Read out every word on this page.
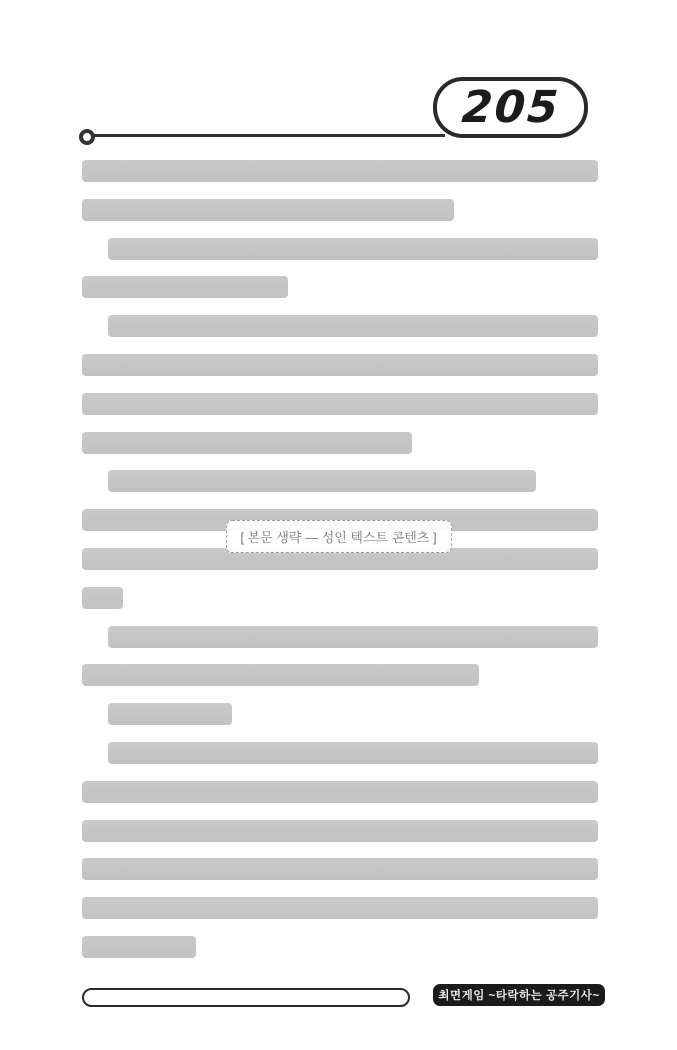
205
[ 본문 생략 — 성인 텍스트 콘텐츠 ]
최면게임 ~타락하는 공주기사~
